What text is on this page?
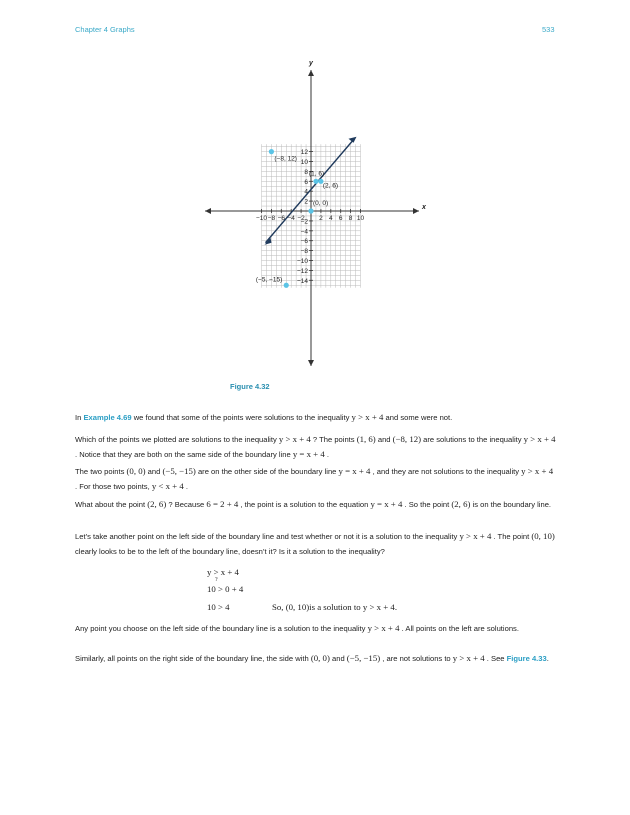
Chapter 4 Graphs	533
x
y
−10 −8 −6 −4 −2 2 4 6 8 10
12
10
8
6
4
2
−2
−4
−6
−8
−10
−12
−14
(−8, 12)
(1, 6)
(2, 6)
(0, 0)
(−5, −15)
Figure 4.32
In Example 4.69 we found that some of the points were solutions to the inequality y > x + 4 and some were not.
Which of the points we plotted are solutions to the inequality y > x + 4 ? The points (1, 6) and (−8, 12) are solutions to the inequality y > x + 4 . Notice that they are both on the same side of the boundary line y = x + 4 .
The two points (0, 0) and (−5, −15) are on the other side of the boundary line y = x + 4 , and they are not solutions to the inequality y > x + 4 . For those two points, y < x + 4 .
What about the point (2, 6) ? Because 6 = 2 + 4 , the point is a solution to the equation y = x + 4 . So the point (2, 6) is on the boundary line.
Let’s take another point on the left side of the boundary line and test whether or not it is a solution to the inequality y > x + 4 . The point (0, 10) clearly looks to be to the left of the boundary line, doesn’t it? Is it a solution to the inequality?
y > x + 4
10 > 0 + 4
?
10 > 4	So, (0, 10)is a solution to y > x + 4.
Any point you choose on the left side of the boundary line is a solution to the inequality y > x + 4 . All points on the left are solutions.
Similarly, all points on the right side of the boundary line, the side with (0, 0) and (−5, −15) , are not solutions to y > x + 4 . See Figure 4.33.
